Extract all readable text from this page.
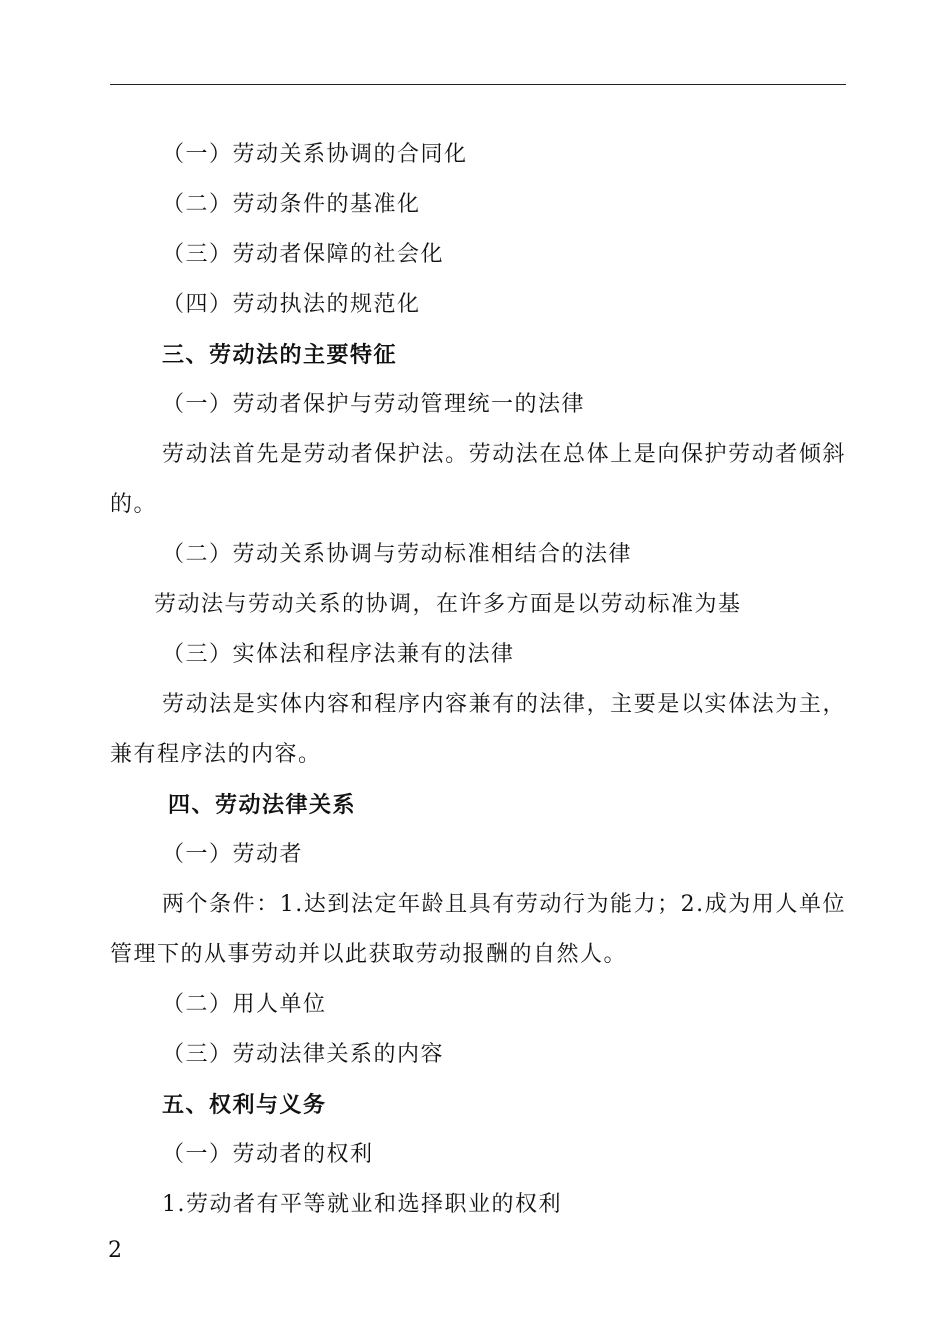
（一）劳动关系协调的合同化
（二）劳动条件的基准化
（三）劳动者保障的社会化
（四）劳动执法的规范化
三、劳动法的主要特征
（一）劳动者保护与劳动管理统一的法律
劳动法首先是劳动者保护法。劳动法在总体上是向保护劳动者倾斜的。
（二）劳动关系协调与劳动标准相结合的法律
劳动法与劳动关系的协调，在许多方面是以劳动标准为基
（三）实体法和程序法兼有的法律
劳动法是实体内容和程序内容兼有的法律，主要是以实体法为主，兼有程序法的内容。
四、劳动法律关系
（一）劳动者
两个条件：1.达到法定年龄且具有劳动行为能力；2.成为用人单位管理下的从事劳动并以此获取劳动报酬的自然人。
（二）用人单位
（三）劳动法律关系的内容
五、权利与义务
（一）劳动者的权利
1.劳动者有平等就业和选择职业的权利
2
